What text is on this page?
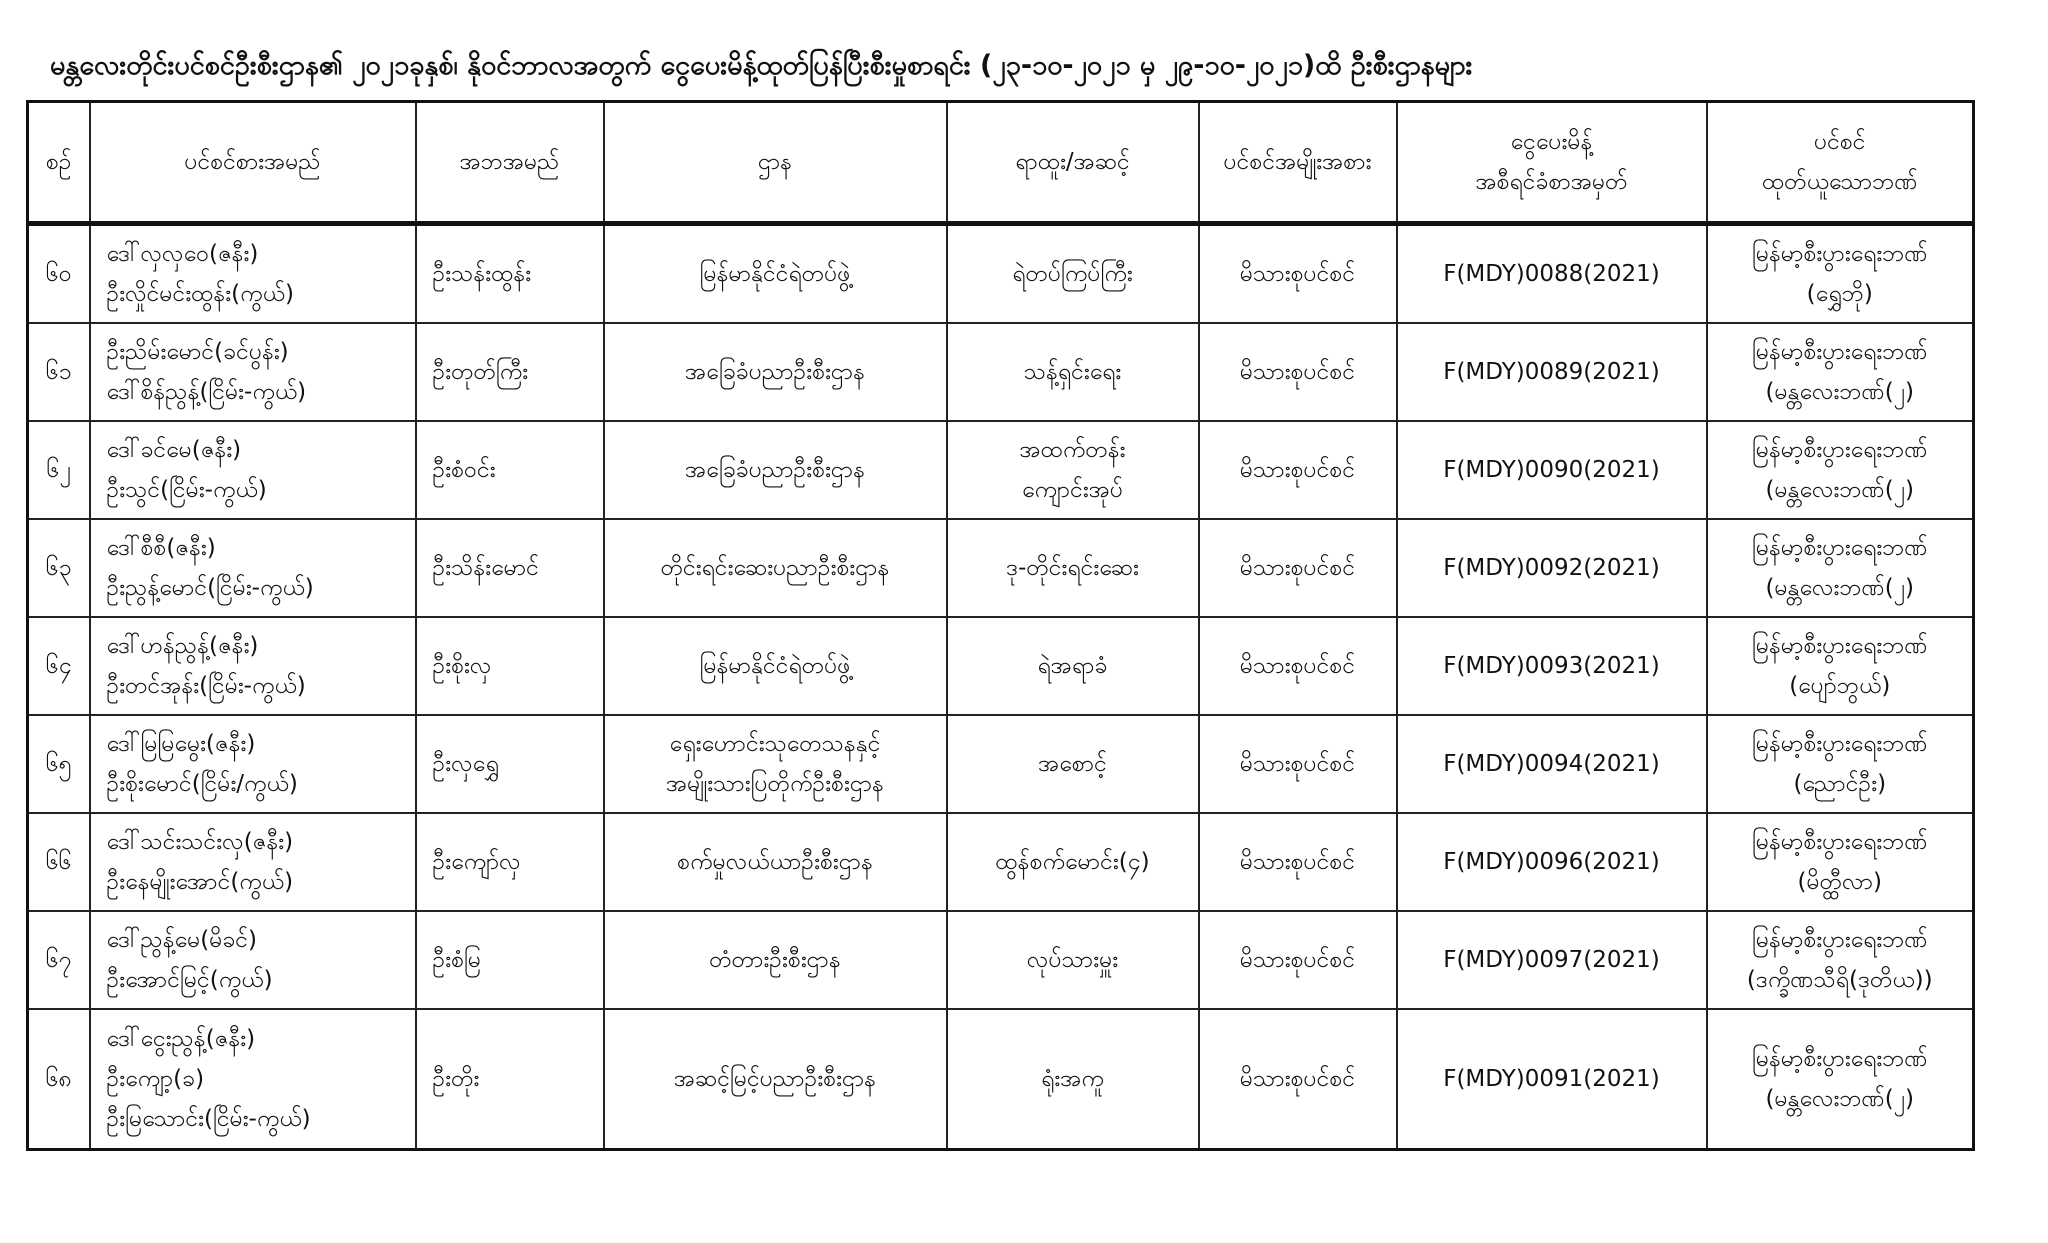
မန္တလေးတိုင်းပင်စင်ဦးစီးဌာန၏ ၂၀၂၁ခုနှစ်၊ နိုဝင်ဘာလအတွက် ငွေပေးမိန့်ထုတ်ပြန်ပြီးစီးမှုစာရင်း (၂၃-၁၀-၂၀၂၁ မှ ၂၉-၁၀-၂၀၂၁)ထိ ဦးစီးဌာနများ
စဉ်	ပင်စင်စားအမည်	အဘအမည်	ဌာန	ရာထူး/အဆင့်	ပင်စင်အမျိုးအစား	ငွေပေးမိန့်
အစီရင်ခံစာအမှတ်	ပင်စင်
ထုတ်ယူသောဘဏ်

၆၀	ဒေါ်လှလှဝေ(ဇနီး)
ဦးလှိုင်မင်းထွန်း(ကွယ်)	ဦးသန်းထွန်း	မြန်မာနိုင်ငံရဲတပ်ဖွဲ့	ရဲတပ်ကြပ်ကြီး	မိသားစုပင်စင်	F(MDY)0088(2021)	မြန်မာ့စီးပွားရေးဘဏ်
(ရွှေဘို)

၆၁	ဦးညိမ်းမောင်(ခင်ပွန်း)
ဒေါ်စိန်ညွန့်(ငြိမ်း-ကွယ်)	ဦးတုတ်ကြီး	အခြေခံပညာဦးစီးဌာန	သန့်ရှင်းရေး	မိသားစုပင်စင်	F(MDY)0089(2021)	မြန်မာ့စီးပွားရေးဘဏ်
(မန္တလေးဘဏ်(၂)

၆၂	ဒေါ်ခင်မေ(ဇနီး)
ဦးသွင်(ငြိမ်း-ကွယ်)	ဦးစံဝင်း	အခြေခံပညာဦးစီးဌာန	အထက်တန်း
ကျောင်းအုပ်	မိသားစုပင်စင်	F(MDY)0090(2021)	မြန်မာ့စီးပွားရေးဘဏ်
(မန္တလေးဘဏ်(၂)

၆၃	ဒေါ်စီစီ(ဇနီး)
ဦးညွန့်မောင်(ငြိမ်း-ကွယ်)	ဦးသိန်းမောင်	တိုင်းရင်းဆေးပညာဦးစီးဌာန	ဒု-တိုင်းရင်းဆေး	မိသားစုပင်စင်	F(MDY)0092(2021)	မြန်မာ့စီးပွားရေးဘဏ်
(မန္တလေးဘဏ်(၂)

၆၄	ဒေါ်ဟန်ညွန့်(ဇနီး)
ဦးတင်အုန်း(ငြိမ်း-ကွယ်)	ဦးစိုးလှ	မြန်မာနိုင်ငံရဲတပ်ဖွဲ့	ရဲအရာခံ	မိသားစုပင်စင်	F(MDY)0093(2021)	မြန်မာ့စီးပွားရေးဘဏ်
(ပျော်ဘွယ်)

၆၅	ဒေါ်မြမြမွေး(ဇနီး)
ဦးစိုးမောင်(ငြိမ်း/ကွယ်)	ဦးလှရွှေ	ရှေးဟောင်းသုတေသနနှင့်
အမျိုးသားပြတိုက်ဦးစီးဌာန	အစောင့်	မိသားစုပင်စင်	F(MDY)0094(2021)	မြန်မာ့စီးပွားရေးဘဏ်
(ညောင်ဦး)

၆၆	ဒေါ်သင်းသင်းလှ(ဇနီး)
ဦးနေမျိုးအောင်(ကွယ်)	ဦးကျော်လှ	စက်မှုလယ်ယာဦးစီးဌာန	ထွန်စက်မောင်း(၄)	မိသားစုပင်စင်	F(MDY)0096(2021)	မြန်မာ့စီးပွားရေးဘဏ်
(မိတ္ထီလာ)

၆၇	ဒေါ်ညွန့်မေ(မိခင်)
ဦးအောင်မြင့်(ကွယ်)	ဦးစံမြ	တံတားဦးစီးဌာန	လုပ်သားမှူး	မိသားစုပင်စင်	F(MDY)0097(2021)	မြန်မာ့စီးပွားရေးဘဏ်
(ဒက္ခိဏသီရိ(ဒုတိယ))

၆၈	ဒေါ်ငွေးညွန့်(ဇနီး)
ဦးကျော့(ခ)
ဦးမြသောင်း(ငြိမ်း-ကွယ်)	ဦးတိုး	အဆင့်မြင့်ပညာဦးစီးဌာန	ရုံးအကူ	မိသားစုပင်စင်	F(MDY)0091(2021)	မြန်မာ့စီးပွားရေးဘဏ်
(မန္တလေးဘဏ်(၂)
